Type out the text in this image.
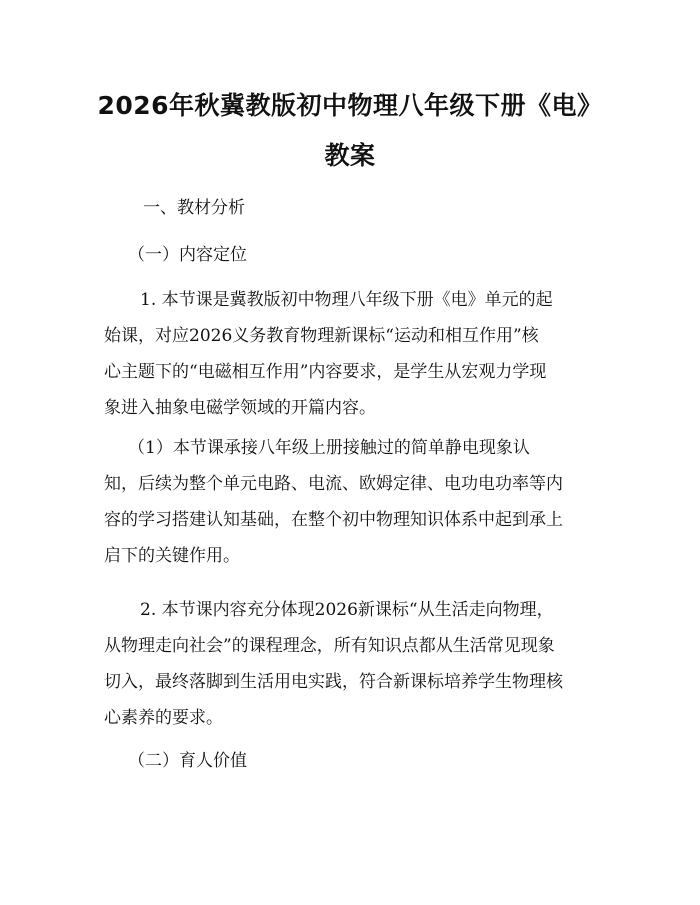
2026年秋冀教版初中物理八年级下册《电》
教案
一、教材分析
（一）内容定位
1. 本节课是冀教版初中物理八年级下册《电》单元的起
始课，对应2026义务教育物理新课标“运动和相互作用”核
心主题下的“电磁相互作用”内容要求，是学生从宏观力学现
象进入抽象电磁学领域的开篇内容。
（1）本节课承接八年级上册接触过的简单静电现象认
知，后续为整个单元电路、电流、欧姆定律、电功电功率等内
容的学习搭建认知基础，在整个初中物理知识体系中起到承上
启下的关键作用。
2. 本节课内容充分体现2026新课标“从生活走向物理，
从物理走向社会”的课程理念，所有知识点都从生活常见现象
切入，最终落脚到生活用电实践，符合新课标培养学生物理核
心素养的要求。
（二）育人价值
